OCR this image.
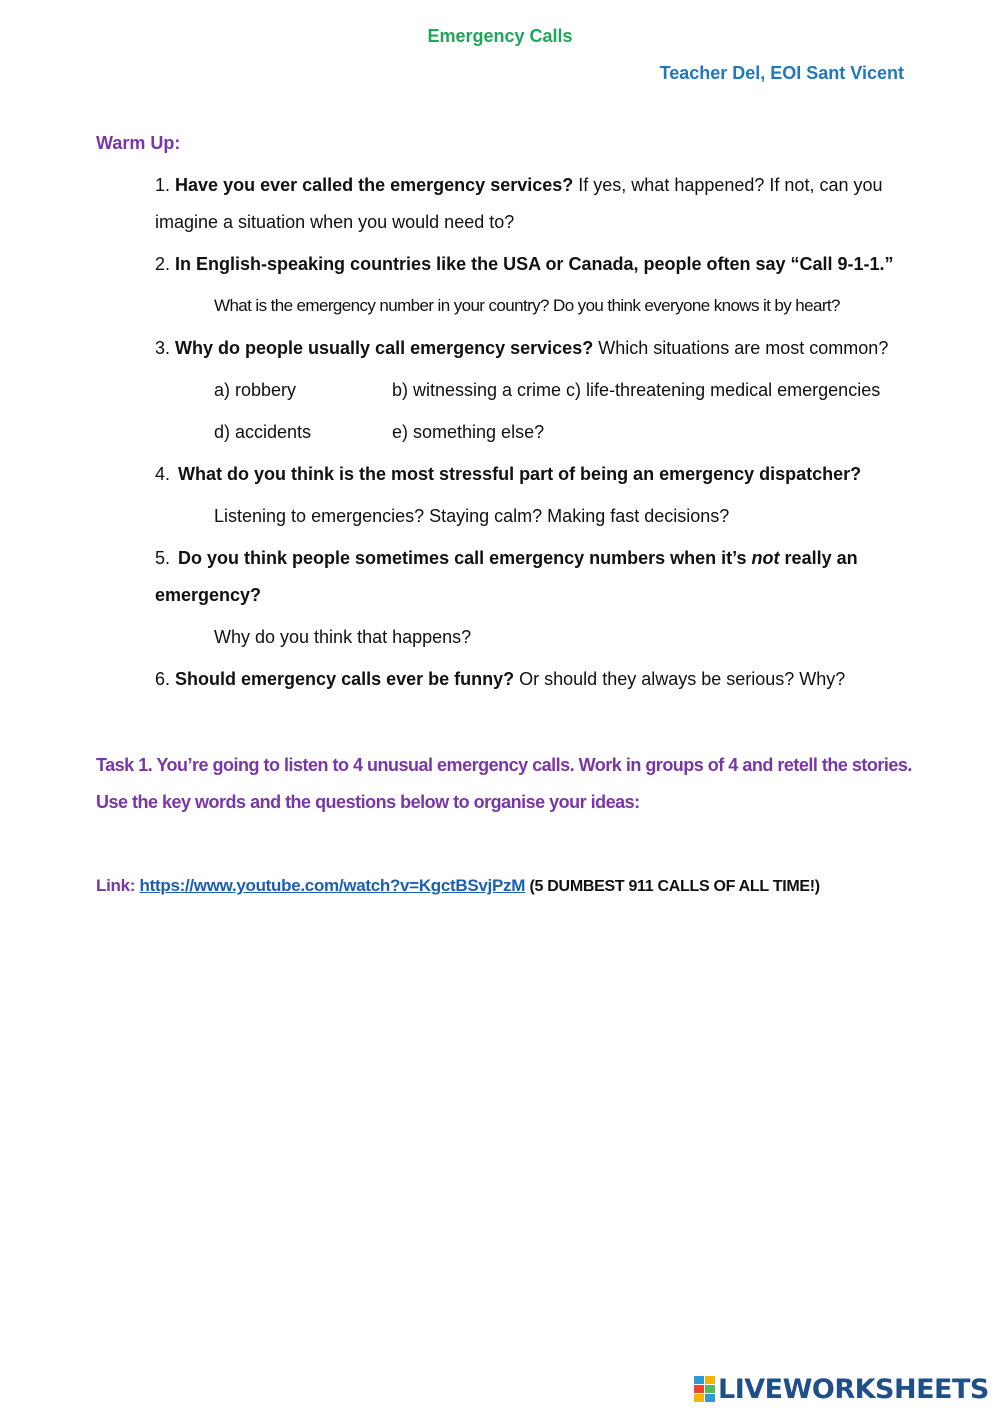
Emergency Calls
Teacher Del, EOI Sant Vicent
Warm Up:
1. Have you ever called the emergency services? If yes, what happened? If not, can you
imagine a situation when you would need to?
2. In English-speaking countries like the USA or Canada, people often say “Call 9-1-1.”
What is the emergency number in your country? Do you think everyone knows it by heart?
3. Why do people usually call emergency services? Which situations are most common?
a) robbery	b) witnessing a crime c) life-threatening medical emergencies
d) accidents	e) something else?
4. What do you think is the most stressful part of being an emergency dispatcher?
Listening to emergencies? Staying calm? Making fast decisions?
5. Do you think people sometimes call emergency numbers when it’s not really an
emergency?
Why do you think that happens?
6. Should emergency calls ever be funny? Or should they always be serious? Why?
Task 1. You’re going to listen to 4 unusual emergency calls. Work in groups of 4 and retell the stories.
Use the key words and the questions below to organise your ideas:
Link: https://www.youtube.com/watch?v=KgctBSvjPzM (5 DUMBEST 911 CALLS OF ALL TIME!)
LIVEWORKSHEETS
